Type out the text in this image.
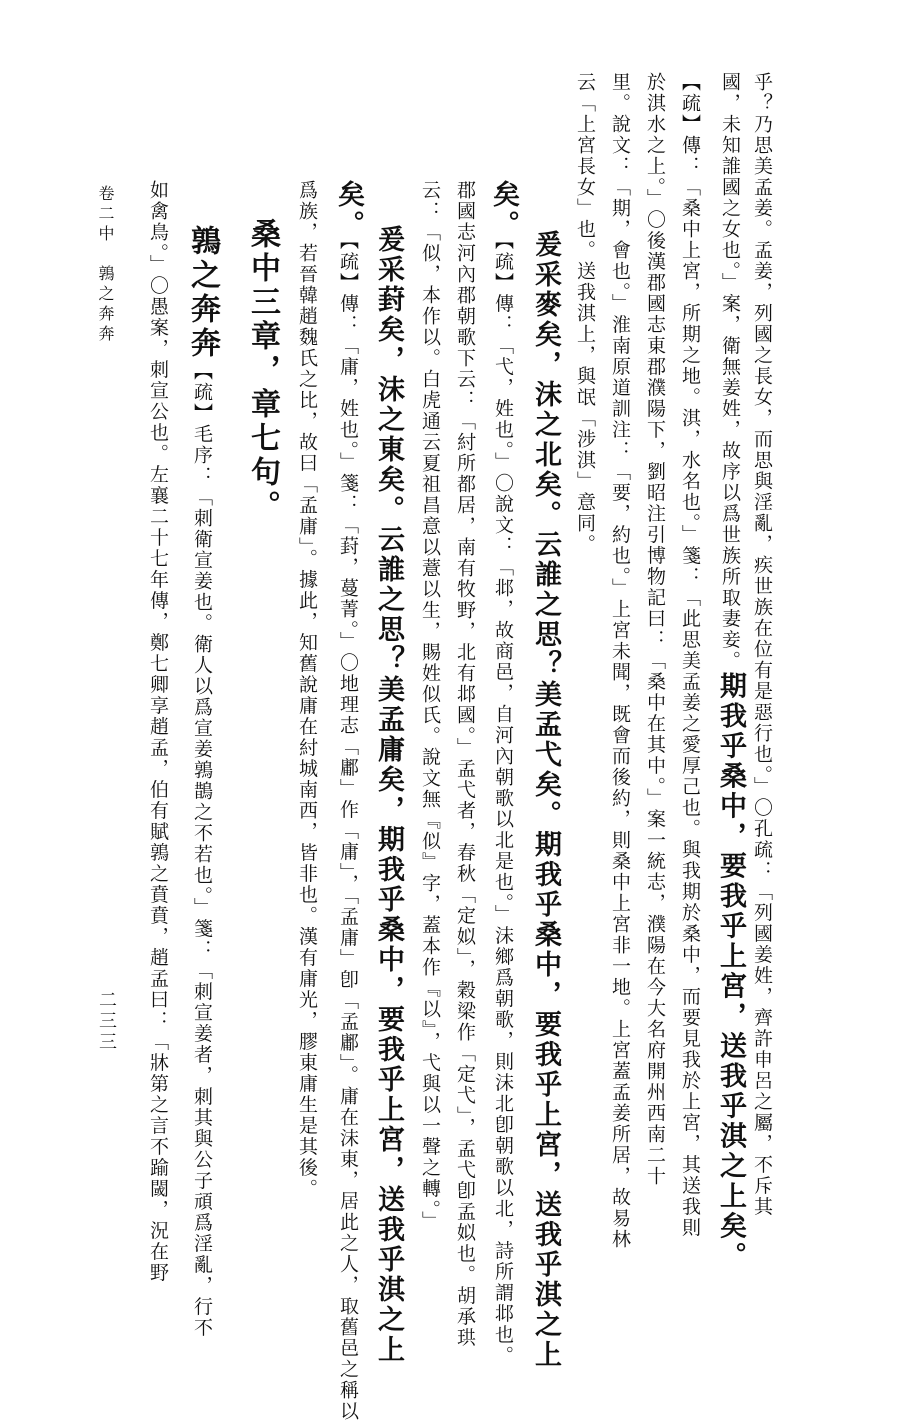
乎？乃思美孟姜。孟姜，列國之長女，而思與淫亂，疾世族在位有是惡行也。」〇孔疏：「列國姜姓，齊許申呂之屬，不斥其
國，未知誰國之女也。」案，衛無姜姓，故序以爲世族所取妻妾。期我乎桑中，要我乎上宮，送我乎淇之上矣。
【疏】傳：「桑中上宮，所期之地。淇，水名也。」箋：「此思美孟姜之愛厚己也。與我期於桑中，而要見我於上宮，其送我則
於淇水之上。」〇後漢郡國志東郡濮陽下，劉昭注引博物記曰：「桑中在其中。」案一統志，濮陽在今大名府開州西南二十
里。說文：「期，會也。」淮南原道訓注：「要，約也。」上宮未聞，既會而後約，則桑中上宮非一地。上宮蓋孟姜所居，故易林
云「上宮長女」也。送我淇上，與氓「涉淇」意同。
爰采麥矣，沫之北矣。云誰之思？美孟弋矣。期我乎桑中，要我乎上宮，送我乎淇之上
矣。【疏】傳：「弋，姓也。」〇說文：「邶，故商邑，自河內朝歌以北是也。」沫鄉爲朝歌，則沫北卽朝歌以北，詩所謂邶也。
郡國志河內郡朝歌下云：「紂所都居，南有牧野，北有邶國。」孟弋者，春秋「定姒」，穀梁作「定弋」，孟弋卽孟姒也。胡承珙
云：「似，本作以。白虎通云夏祖昌意以薏以生，賜姓似氏。說文無『似』字，蓋本作『以』，弋與以一聲之轉。」
爰采葑矣，沫之東矣。云誰之思？美孟庸矣，期我乎桑中，要我乎上宮，送我乎淇之上
矣。【疏】傳：「庸，姓也。」箋：「葑，蔓菁。」〇地理志「鄘」作「庸」，「孟庸」卽「孟鄘」。庸在沫東，居此之人，取舊邑之稱以
爲族，若晉韓趙魏氏之比，故曰「孟庸」。據此，知舊說庸在紂城南西，皆非也。漢有庸光，膠東庸生是其後。
桑中三章，章七句。
鶉之奔奔【疏】毛序：「刺衛宣姜也。衛人以爲宣姜鶉鵲之不若也。」箋：「刺宣姜者，刺其與公子頑爲淫亂，行不
如禽鳥。」〇愚案，刺宣公也。左襄二十七年傳，鄭七卿享趙孟，伯有賦鶉之賁賁，趙孟曰：「牀第之言不踰閾，況在野
卷二中　鶉之奔奔
二三三
